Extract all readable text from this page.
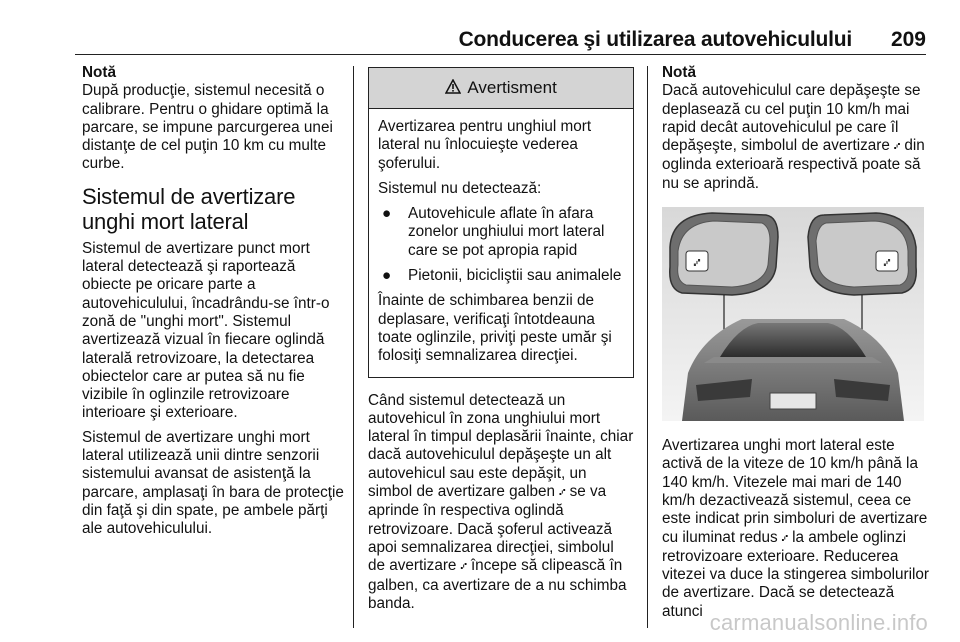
Conducerea şi utilizarea autovehiculului 209

Notă

După producţie, sistemul necesită o calibrare. Pentru o ghidare optimă la parcare, se impune parcurgerea unei distanţe de cel puţin 10 km cu multe curbe.

Sistemul de avertizare unghi mort lateral

Sistemul de avertizare punct mort lateral detectează şi raportează obiecte pe oricare parte a autovehiculului, încadrându-se într-o zonă de "unghi mort". Sistemul avertizează vizual în fiecare oglindă laterală retrovizoare, la detectarea obiectelor care ar putea să nu fie vizibile în oglinzile retrovizoare interioare şi exterioare.

Sistemul de avertizare unghi mort lateral utilizează unii dintre senzorii sistemului avansat de asistenţă la parcare, amplasaţi în bara de protecţie din faţă şi din spate, pe ambele părţi ale autovehiculului.

Avertisment

Avertizarea pentru unghiul mort lateral nu înlocuieşte vederea şoferului.

Sistemul nu detectează:

● Autovehicule aflate în afara zonelor unghiului mort lateral care se pot apropia rapid
● Pietonii, bicicliştii sau animalele

Înainte de schimbarea benzii de deplasare, verificaţi întotdeauna toate oglinzile, priviţi peste umăr şi folosiţi semnalizarea direcţiei.

Când sistemul detectează un autovehicul în zona unghiului mort lateral în timpul deplasării înainte, chiar dacă autovehiculul depăşeşte un alt autovehicul sau este depăşit, un simbol de avertizare galben ⑇ se va aprinde în respectiva oglindă retrovizoare. Dacă şoferul activează apoi semnalizarea direcţiei, simbolul de avertizare ⑇ începe să clipească în galben, ca avertizare de a nu schimba banda.

Notă

Dacă autovehiculul care depăşeşte se deplasează cu cel puţin 10 km/h mai rapid decât autovehiculul pe care îl depăşeşte, simbolul de avertizare ⑇ din oglinda exterioară respectivă poate să nu se aprindă.

⑇	⑇

Avertizarea unghi mort lateral este activă de la viteze de 10 km/h până la 140 km/h. Vitezele mai mari de 140 km/h dezactivează sistemul, ceea ce este indicat prin simboluri de avertizare cu iluminat redus ⑇ la ambele oglinzi retrovizoare exterioare. Reducerea vitezei va duce la stingerea simbolurilor de avertizare. Dacă se detectează atunci carmanualsonline.info
